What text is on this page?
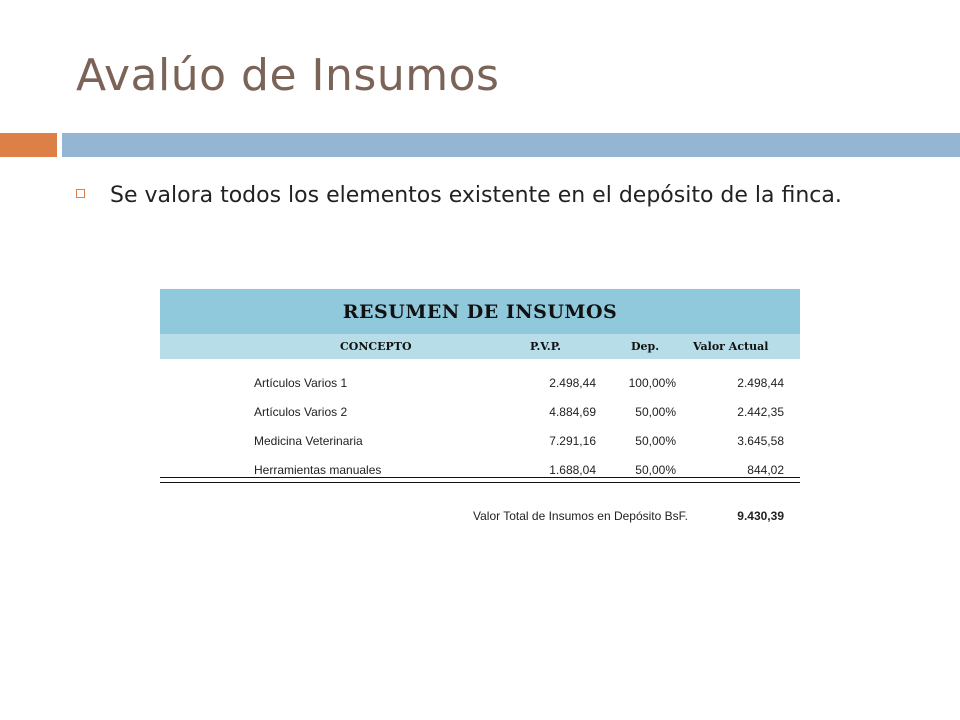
Avalúo de Insumos
Se valora todos los elementos existente en el depósito de la finca.
RESUMEN DE INSUMOS
CONCEPTO	P.V.P.	Dep.	Valor Actual
Artículos Varios 1	2.498,44	100,00%	2.498,44
Artículos Varios 2	4.884,69	50,00%	2.442,35
Medicina Veterinaria	7.291,16	50,00%	3.645,58
Herramientas manuales	1.688,04	50,00%	844,02
Valor Total de Insumos en Depósito BsF.	9.430,39
